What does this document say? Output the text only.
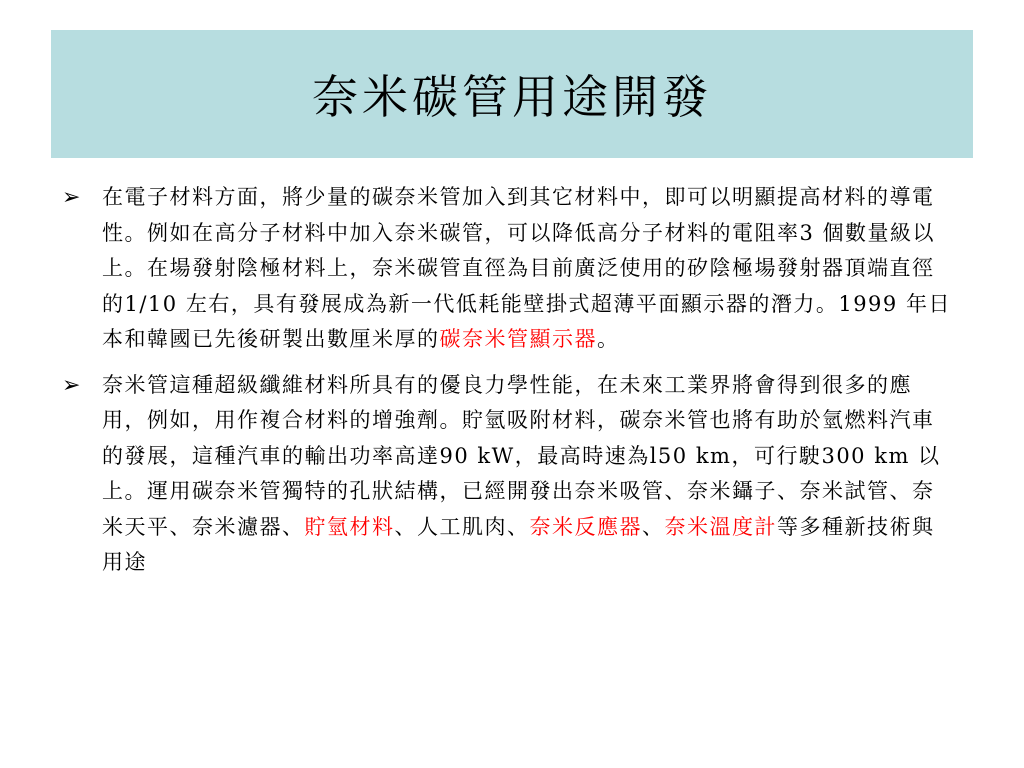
奈米碳管用途開發
➢	在電子材料方面，將少量的碳奈米管加入到其它材料中，即可以明顯提高材料的導電性。例如在高分子材料中加入奈米碳管，可以降低高分子材料的電阻率3 個數量級以上。在場發射陰極材料上，奈米碳管直徑為目前廣泛使用的矽陰極場發射器頂端直徑的1/10 左右，具有發展成為新一代低耗能壁掛式超薄平面顯示器的潛力。1999 年日本和韓國已先後研製出數厘米厚的碳奈米管顯示器。
➢	奈米管這種超級纖維材料所具有的優良力學性能，在未來工業界將會得到很多的應用，例如，用作複合材料的增強劑。貯氫吸附材料，碳奈米管也將有助於氫燃料汽車的發展，這種汽車的輸出功率高達90 kW，最高時速為l50 km，可行駛300 km 以上。運用碳奈米管獨特的孔狀結構，已經開發出奈米吸管、奈米鑷子、奈米試管、奈米天平、奈米濾器、貯氫材料、人工肌肉、奈米反應器、奈米溫度計等多種新技術與用途
